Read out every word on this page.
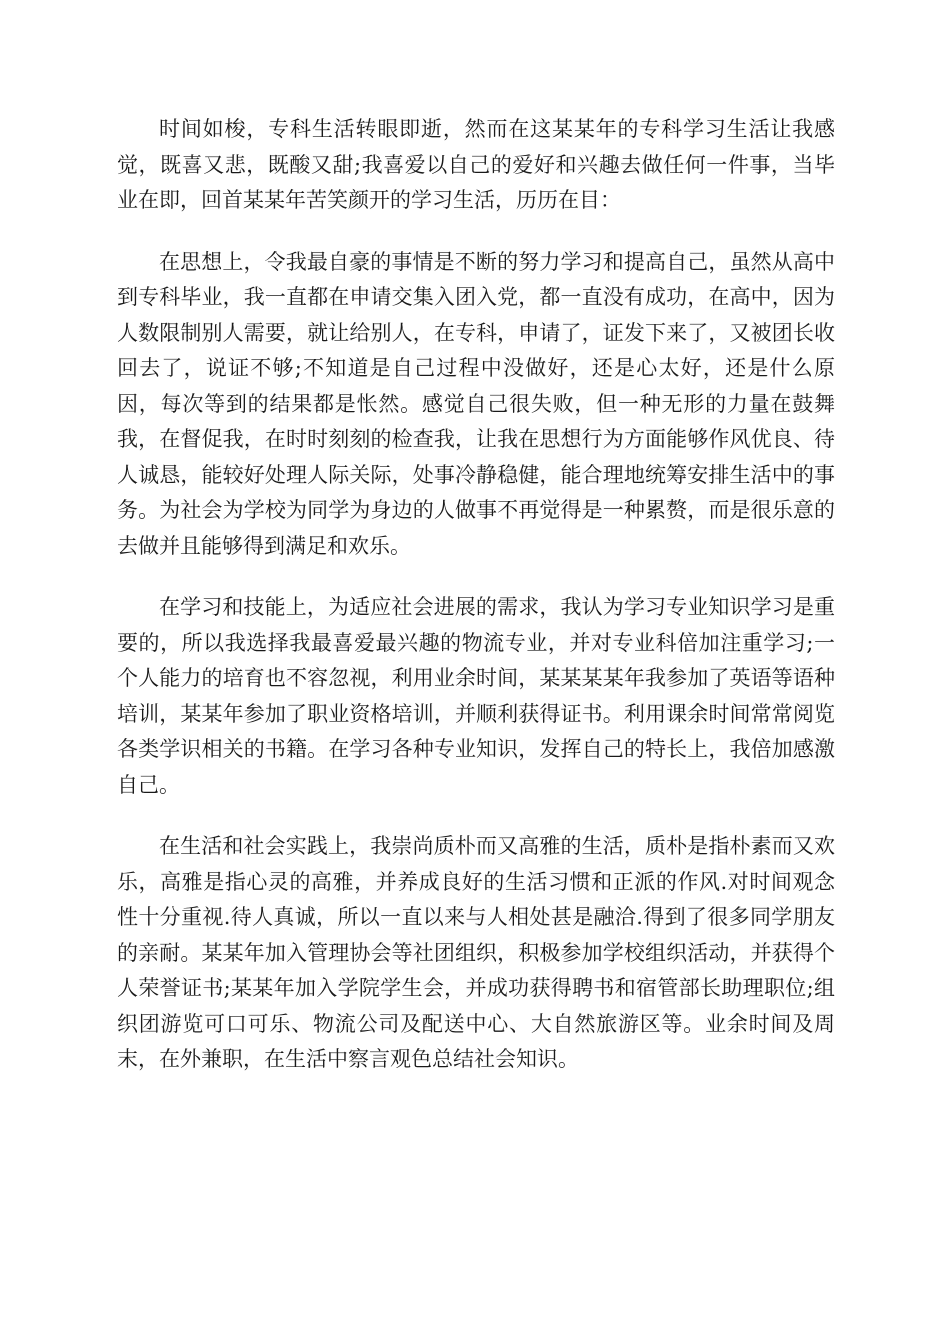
时间如梭，专科生活转眼即逝，然而在这某某年的专科学习生活让我感觉，既喜又悲，既酸又甜;我喜爱以自己的爱好和兴趣去做任何一件事，当毕业在即，回首某某年苦笑颜开的学习生活，历历在目：

在思想上，令我最自豪的事情是不断的努力学习和提高自己，虽然从高中到专科毕业，我一直都在申请交集入团入党，都一直没有成功，在高中，因为人数限制别人需要，就让给别人，在专科，申请了，证发下来了，又被团长收回去了，说证不够;不知道是自己过程中没做好，还是心太好，还是什么原因，每次等到的结果都是怅然。感觉自己很失败，但一种无形的力量在鼓舞我，在督促我，在时时刻刻的检查我，让我在思想行为方面能够作风优良、待人诚恳，能较好处理人际关际，处事冷静稳健，能合理地统筹安排生活中的事务。为社会为学校为同学为身边的人做事不再觉得是一种累赘，而是很乐意的去做并且能够得到满足和欢乐。

在学习和技能上，为适应社会进展的需求，我认为学习专业知识学习是重要的，所以我选择我最喜爱最兴趣的物流专业，并对专业科倍加注重学习;一个人能力的培育也不容忽视，利用业余时间，某某某某年我参加了英语等语种培训，某某年参加了职业资格培训，并顺利获得证书。利用课余时间常常阅览各类学识相关的书籍。在学习各种专业知识，发挥自己的特长上，我倍加感激自己。

在生活和社会实践上，我崇尚质朴而又高雅的生活，质朴是指朴素而又欢乐，高雅是指心灵的高雅，并养成良好的生活习惯和正派的作风.对时间观念性十分重视.待人真诚，所以一直以来与人相处甚是融洽.得到了很多同学朋友的亲耐。某某年加入管理协会等社团组织，积极参加学校组织活动，并获得个人荣誉证书;某某年加入学院学生会，并成功获得聘书和宿管部长助理职位;组织团游览可口可乐、物流公司及配送中心、大自然旅游区等。业余时间及周末，在外兼职，在生活中察言观色总结社会知识。
